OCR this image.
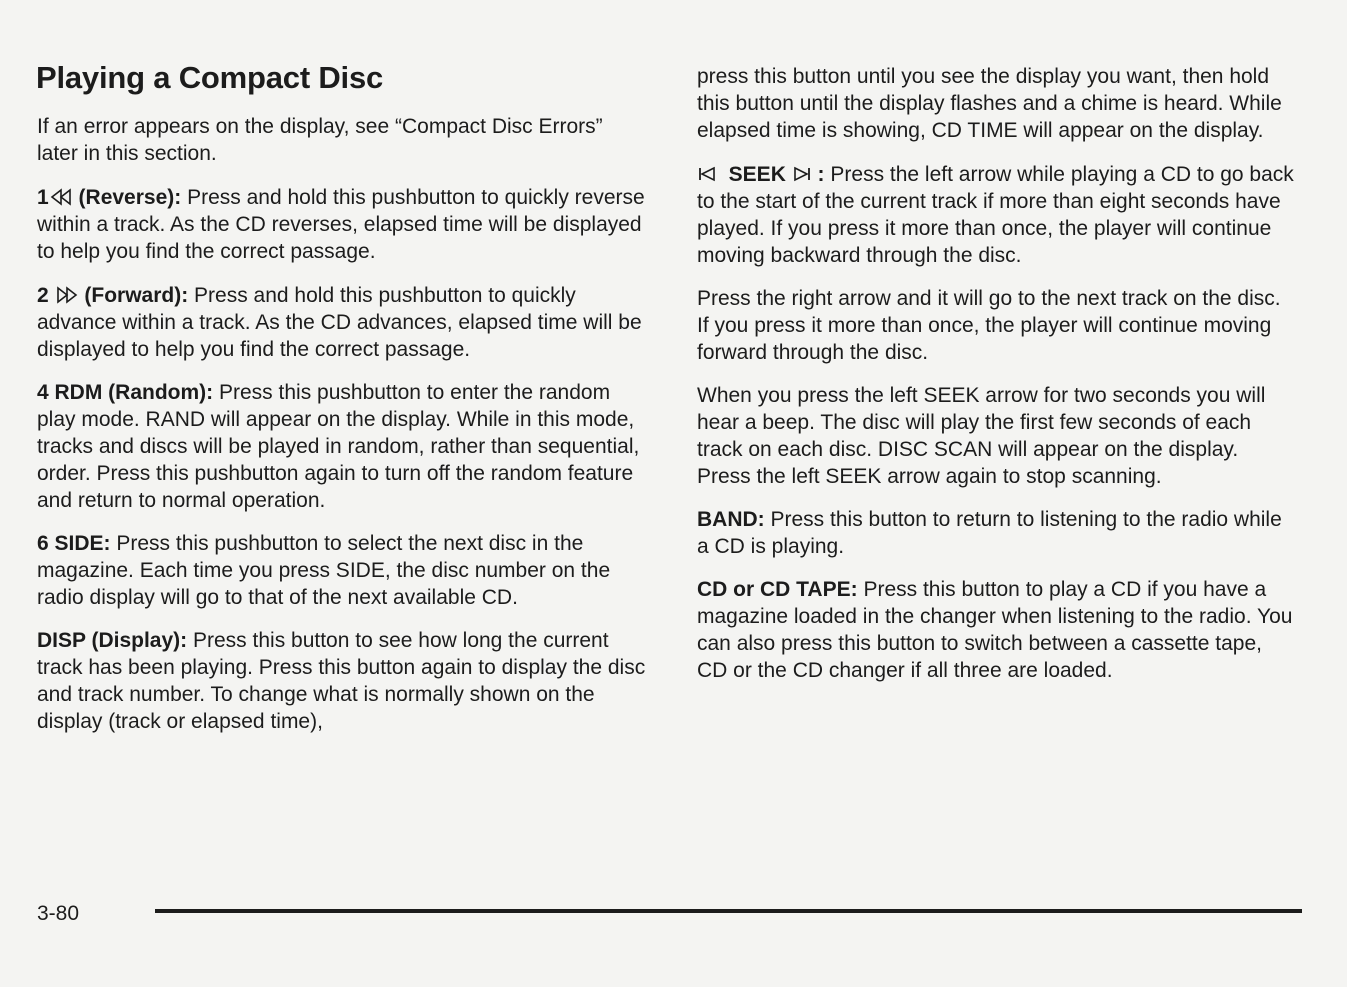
Playing a Compact Disc

If an error appears on the display, see “Compact Disc Errors” later in this section.

1 (Reverse): Press and hold this pushbutton to quickly reverse within a track. As the CD reverses, elapsed time will be displayed to help you find the correct passage.

2 (Forward): Press and hold this pushbutton to quickly advance within a track. As the CD advances, elapsed time will be displayed to help you find the correct passage.

4 RDM (Random): Press this pushbutton to enter the random play mode. RAND will appear on the display. While in this mode, tracks and discs will be played in random, rather than sequential, order. Press this pushbutton again to turn off the random feature and return to normal operation.

6 SIDE: Press this pushbutton to select the next disc in the magazine. Each time you press SIDE, the disc number on the radio display will go to that of the next available CD.

DISP (Display): Press this button to see how long the current track has been playing. Press this button again to display the disc and track number. To change what is normally shown on the display (track or elapsed time),

press this button until you see the display you want, then hold this button until the display flashes and a chime is heard. While elapsed time is showing, CD TIME will appear on the display.

SEEK : Press the left arrow while playing a CD to go back to the start of the current track if more than eight seconds have played. If you press it more than once, the player will continue moving backward through the disc.

Press the right arrow and it will go to the next track on the disc. If you press it more than once, the player will continue moving forward through the disc.

When you press the left SEEK arrow for two seconds you will hear a beep. The disc will play the first few seconds of each track on each disc. DISC SCAN will appear on the display. Press the left SEEK arrow again to stop scanning.

BAND: Press this button to return to listening to the radio while a CD is playing.

CD or CD TAPE: Press this button to play a CD if you have a magazine loaded in the changer when listening to the radio. You can also press this button to switch between a cassette tape, CD or the CD changer if all three are loaded.

3-80
